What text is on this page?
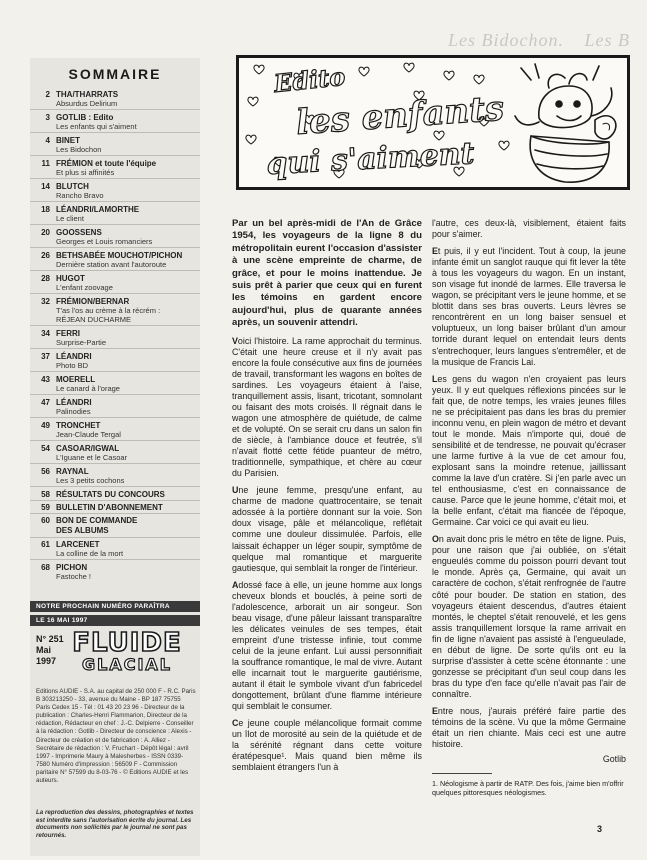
Les Bidochon. Les B
SOMMAIRE
2 THA/THARRATS
Absurdus Delirium
3 GOTLIB : Edito
Les enfants qui s'aiment
4 BINET
Les Bidochon
11 FRÉMION et toute l'équipe
Et plus si affinités
14 BLUTCH
Rancho Bravo
18 LÉANDRI/LAMORTHE
Le client
20 GOOSSENS
Georges et Louis romanciers
26 BETHSABÉE MOUCHOT/PICHON
Dernière station avant l'autoroute
28 HUGOT
L'enfant zoovage
32 FRÉMION/BERNAR
T'as l'os au crème à la récrém :
RÉJEAN DUCHARME
34 FERRI
Surprise-Partie
37 LÉANDRI
Photo BD
43 MOERELL
Le canard à l'orage
47 LÉANDRI
Palinodies
49 TRONCHET
Jean-Claude Tergal
54 CASOAR/IGWAL
L'Iguane et le Casoar
56 RAYNAL
Les 3 petits cochons
58 RÉSULTATS DU CONCOURS
59 BULLETIN D'ABONNEMENT
60 BON DE COMMANDE
DES ALBUMS
61 LARCENET
La colline de la mort
68 PICHON
Fastoche !
NOTRE PROCHAIN NUMÉRO PARAÎTRA
LE 16 MAI 1997
N° 251
Mai
1997
FLUIDE
GLACIAL
Editions AUDIE - S.A. au capital de 250 000 F - R.C. Paris B 303213250 - 33, avenue du Maine - BP 187 75755 Paris Cedex 15 - Tél : 01 43 20 23 96 - Directeur de la publication : Charles-Henri Flammarion, Directeur de la rédaction, Rédacteur en chef : J.-C. Delpierre - Conseiller à la rédaction : Gotlib - Directeur de conscience : Alexis - Directeur de création et de fabrication : A. Alliez - Secrétaire de rédaction : V. Fruchart - Dépôt légal : avril 1997 - Imprimerie Maury à Malesherbes - ISSN 0339-7580 Numéro d'impression : 56509 F - Commission paritaire N° 57599 du 8-03-76 - © Editions AUDIE et les auteurs.
La reproduction des dessins, photographies et textes est interdite sans l'autorisation écrite du journal. Les documents non sollicités par le journal ne sont pas retournés.
Edito
les enfants
qui s'aiment

Par un bel après-midi de l'An de Grâce 1954, les voyageurs de la ligne 8 du métropolitain eurent l'occasion d'assister à une scène empreinte de charme, de grâce, et pour le moins inattendue. Je suis prêt à parier que ceux qui en furent les témoins en gardent encore aujourd'hui, plus de quarante années après, un souvenir attendri.

Voici l'histoire. La rame approchait du terminus. C'était une heure creuse et il n'y avait pas encore la foule consécutive aux fins de journées de travail, transformant les wagons en boîtes de sardines. Les voyageurs étaient à l'aise, tranquillement assis, lisant, tricotant, somnolant ou faisant des mots croisés. Il régnait dans le wagon une atmosphère de quiétude, de calme et de volupté. On se serait cru dans un salon fin de siècle, à l'ambiance douce et feutrée, s'il n'avait flotté cette fétide puanteur de métro, traditionnelle, sympathique, et chère au cœur du Parisien.

Une jeune femme, presqu'une enfant, au charme de madone quattrocentaire, se tenait adossée à la portière donnant sur la voie. Son doux visage, pâle et mélancolique, reflétait comme une douleur dissimulée. Parfois, elle laissait échapper un léger soupir, symptôme de quelque mal romantique et marguerite gautiesque, qui semblait la ronger de l'intérieur.

Adossé face à elle, un jeune homme aux longs cheveux blonds et bouclés, à peine sorti de l'adolescence, arborait un air songeur. Son beau visage, d'une pâleur laissant transparaître les délicates veinules de ses tempes, était empreint d'une tristesse infinie, tout comme celui de la jeune enfant. Lui aussi personnifiait la souffrance romantique, le mal de vivre. Autant elle incarnait tout le marguerite gautiérisme, autant il était le symbole vivant d'un fabricedel dongottement, brûlant d'une flamme intérieure qui semblait le consumer.

Ce jeune couple mélancolique formait comme un îlot de morosité au sein de la quiétude et de la sérénité régnant dans cette voiture ératépesque¹. Mais quand bien même ils semblaient étrangers l'un à

l'autre, ces deux-là, visiblement, étaient faits pour s'aimer.

Et puis, il y eut l'incident. Tout à coup, la jeune infante émit un sanglot rauque qui fit lever la tête à tous les voyageurs du wagon. En un instant, son visage fut inondé de larmes. Elle traversa le wagon, se précipitant vers le jeune homme, et se blottit dans ses bras ouverts. Leurs lèvres se rencontrèrent en un long baiser sensuel et voluptueux, un long baiser brûlant d'un amour torride durant lequel on entendait leurs dents s'entrechoquer, leurs langues s'entremêler, et de la musique de Francis Lai.

Les gens du wagon n'en croyaient pas leurs yeux. Il y eut quelques réflexions pincées sur le fait que, de notre temps, les vraies jeunes filles ne se précipitaient pas dans les bras du premier inconnu venu, en plein wagon de métro et devant tout le monde. Mais n'importe qui, doué de sensibilité et de tendresse, ne pouvait qu'écraser une larme furtive à la vue de cet amour fou, explosant sans la moindre retenue, jaillissant comme la lave d'un cratère. Si j'en parle avec un tel enthousiasme, c'est en connaissance de cause. Parce que le jeune homme, c'était moi, et la belle enfant, c'était ma fiancée de l'époque, Germaine. Car voici ce qui avait eu lieu.

On avait donc pris le métro en tête de ligne. Puis, pour une raison que j'ai oubliée, on s'était engueulés comme du poisson pourri devant tout le monde. Après ça, Germaine, qui avait un caractère de cochon, s'était renfrognée de l'autre côté pour bouder. De station en station, des voyageurs étaient descendus, d'autres étaient montés, le cheptel s'était renouvelé, et les gens assis tranquillement lorsque la rame arrivait en fin de ligne n'avaient pas assisté à l'engueulade, en début de ligne. De sorte qu'ils ont eu la surprise d'assister à cette scène étonnante : une gonzesse se précipitant d'un seul coup dans les bras du type d'en face qu'elle n'avait pas l'air de connaître.

Entre nous, j'aurais préféré faire partie des témoins de la scène. Vu que la môme Germaine était un rien chiante. Mais ceci est une autre histoire.

Gotlib
1. Néologisme à partir de RATP. Des fois, j'aime bien m'offrir quelques pittoresques néologismes.
3
